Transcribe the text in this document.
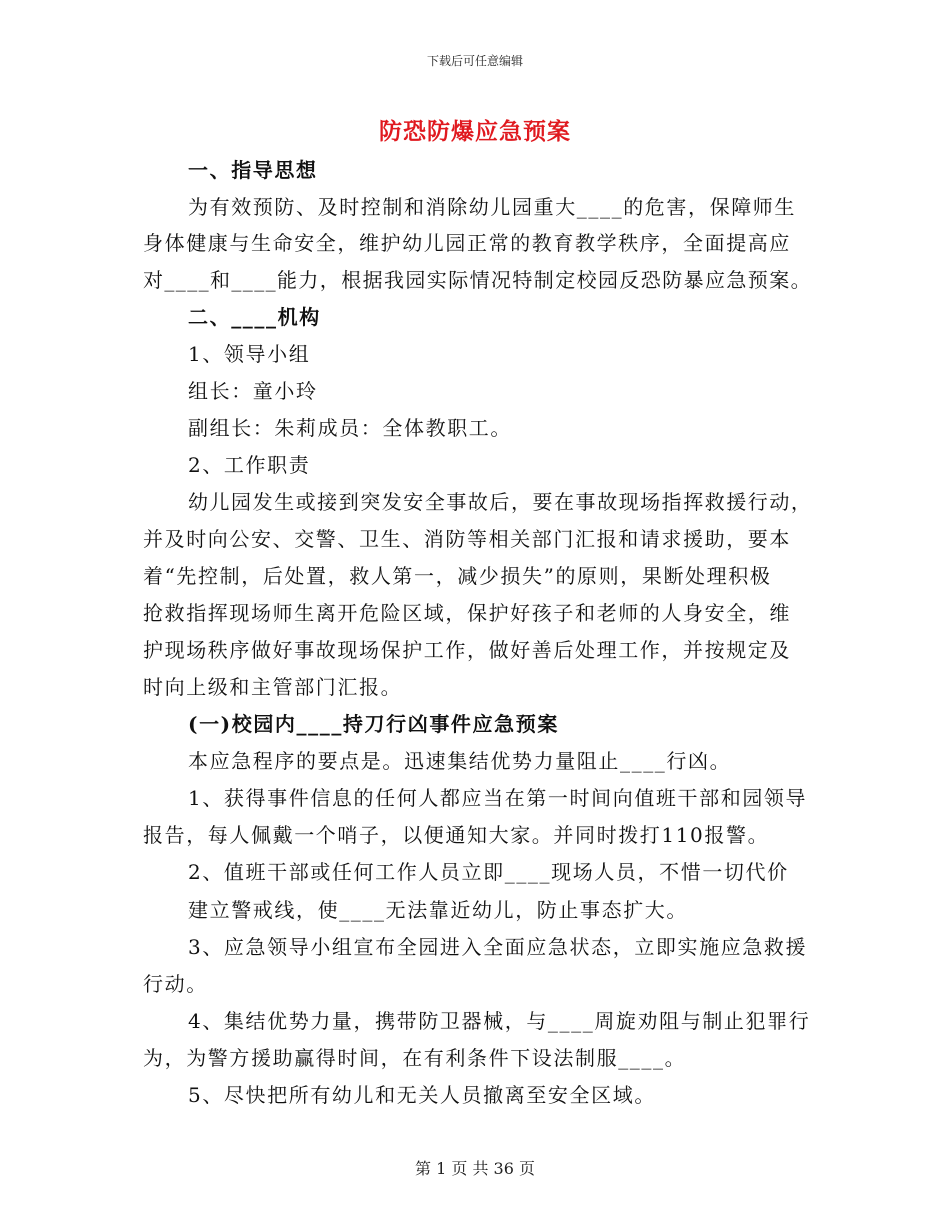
下载后可任意编辑
防恐防爆应急预案
一、指导思想
为有效预防、及时控制和消除幼儿园重大____的危害，保障师生
身体健康与生命安全，维护幼儿园正常的教育教学秩序，全面提高应
对____和____能力，根据我园实际情况特制定校园反恐防暴应急预案。
二、____机构
1、领导小组
组长：童小玲
副组长：朱莉成员：全体教职工。
2、工作职责
幼儿园发生或接到突发安全事故后，要在事故现场指挥救援行动，
并及时向公安、交警、卫生、消防等相关部门汇报和请求援助，要本
着“先控制，后处置，救人第一，减少损失”的原则，果断处理积极
抢救指挥现场师生离开危险区域，保护好孩子和老师的人身安全，维
护现场秩序做好事故现场保护工作，做好善后处理工作，并按规定及
时向上级和主管部门汇报。
(一)校园内____持刀行凶事件应急预案
本应急程序的要点是。迅速集结优势力量阻止____行凶。
1、获得事件信息的任何人都应当在第一时间向值班干部和园领导
报告，每人佩戴一个哨子，以便通知大家。并同时拨打110报警。
2、值班干部或任何工作人员立即____现场人员，不惜一切代价
建立警戒线，使____无法靠近幼儿，防止事态扩大。
3、应急领导小组宣布全园进入全面应急状态，立即实施应急救援
行动。
4、集结优势力量，携带防卫器械，与____周旋劝阻与制止犯罪行
为，为警方援助赢得时间，在有利条件下设法制服____。
5、尽快把所有幼儿和无关人员撤离至安全区域。
第 1 页 共 36 页
